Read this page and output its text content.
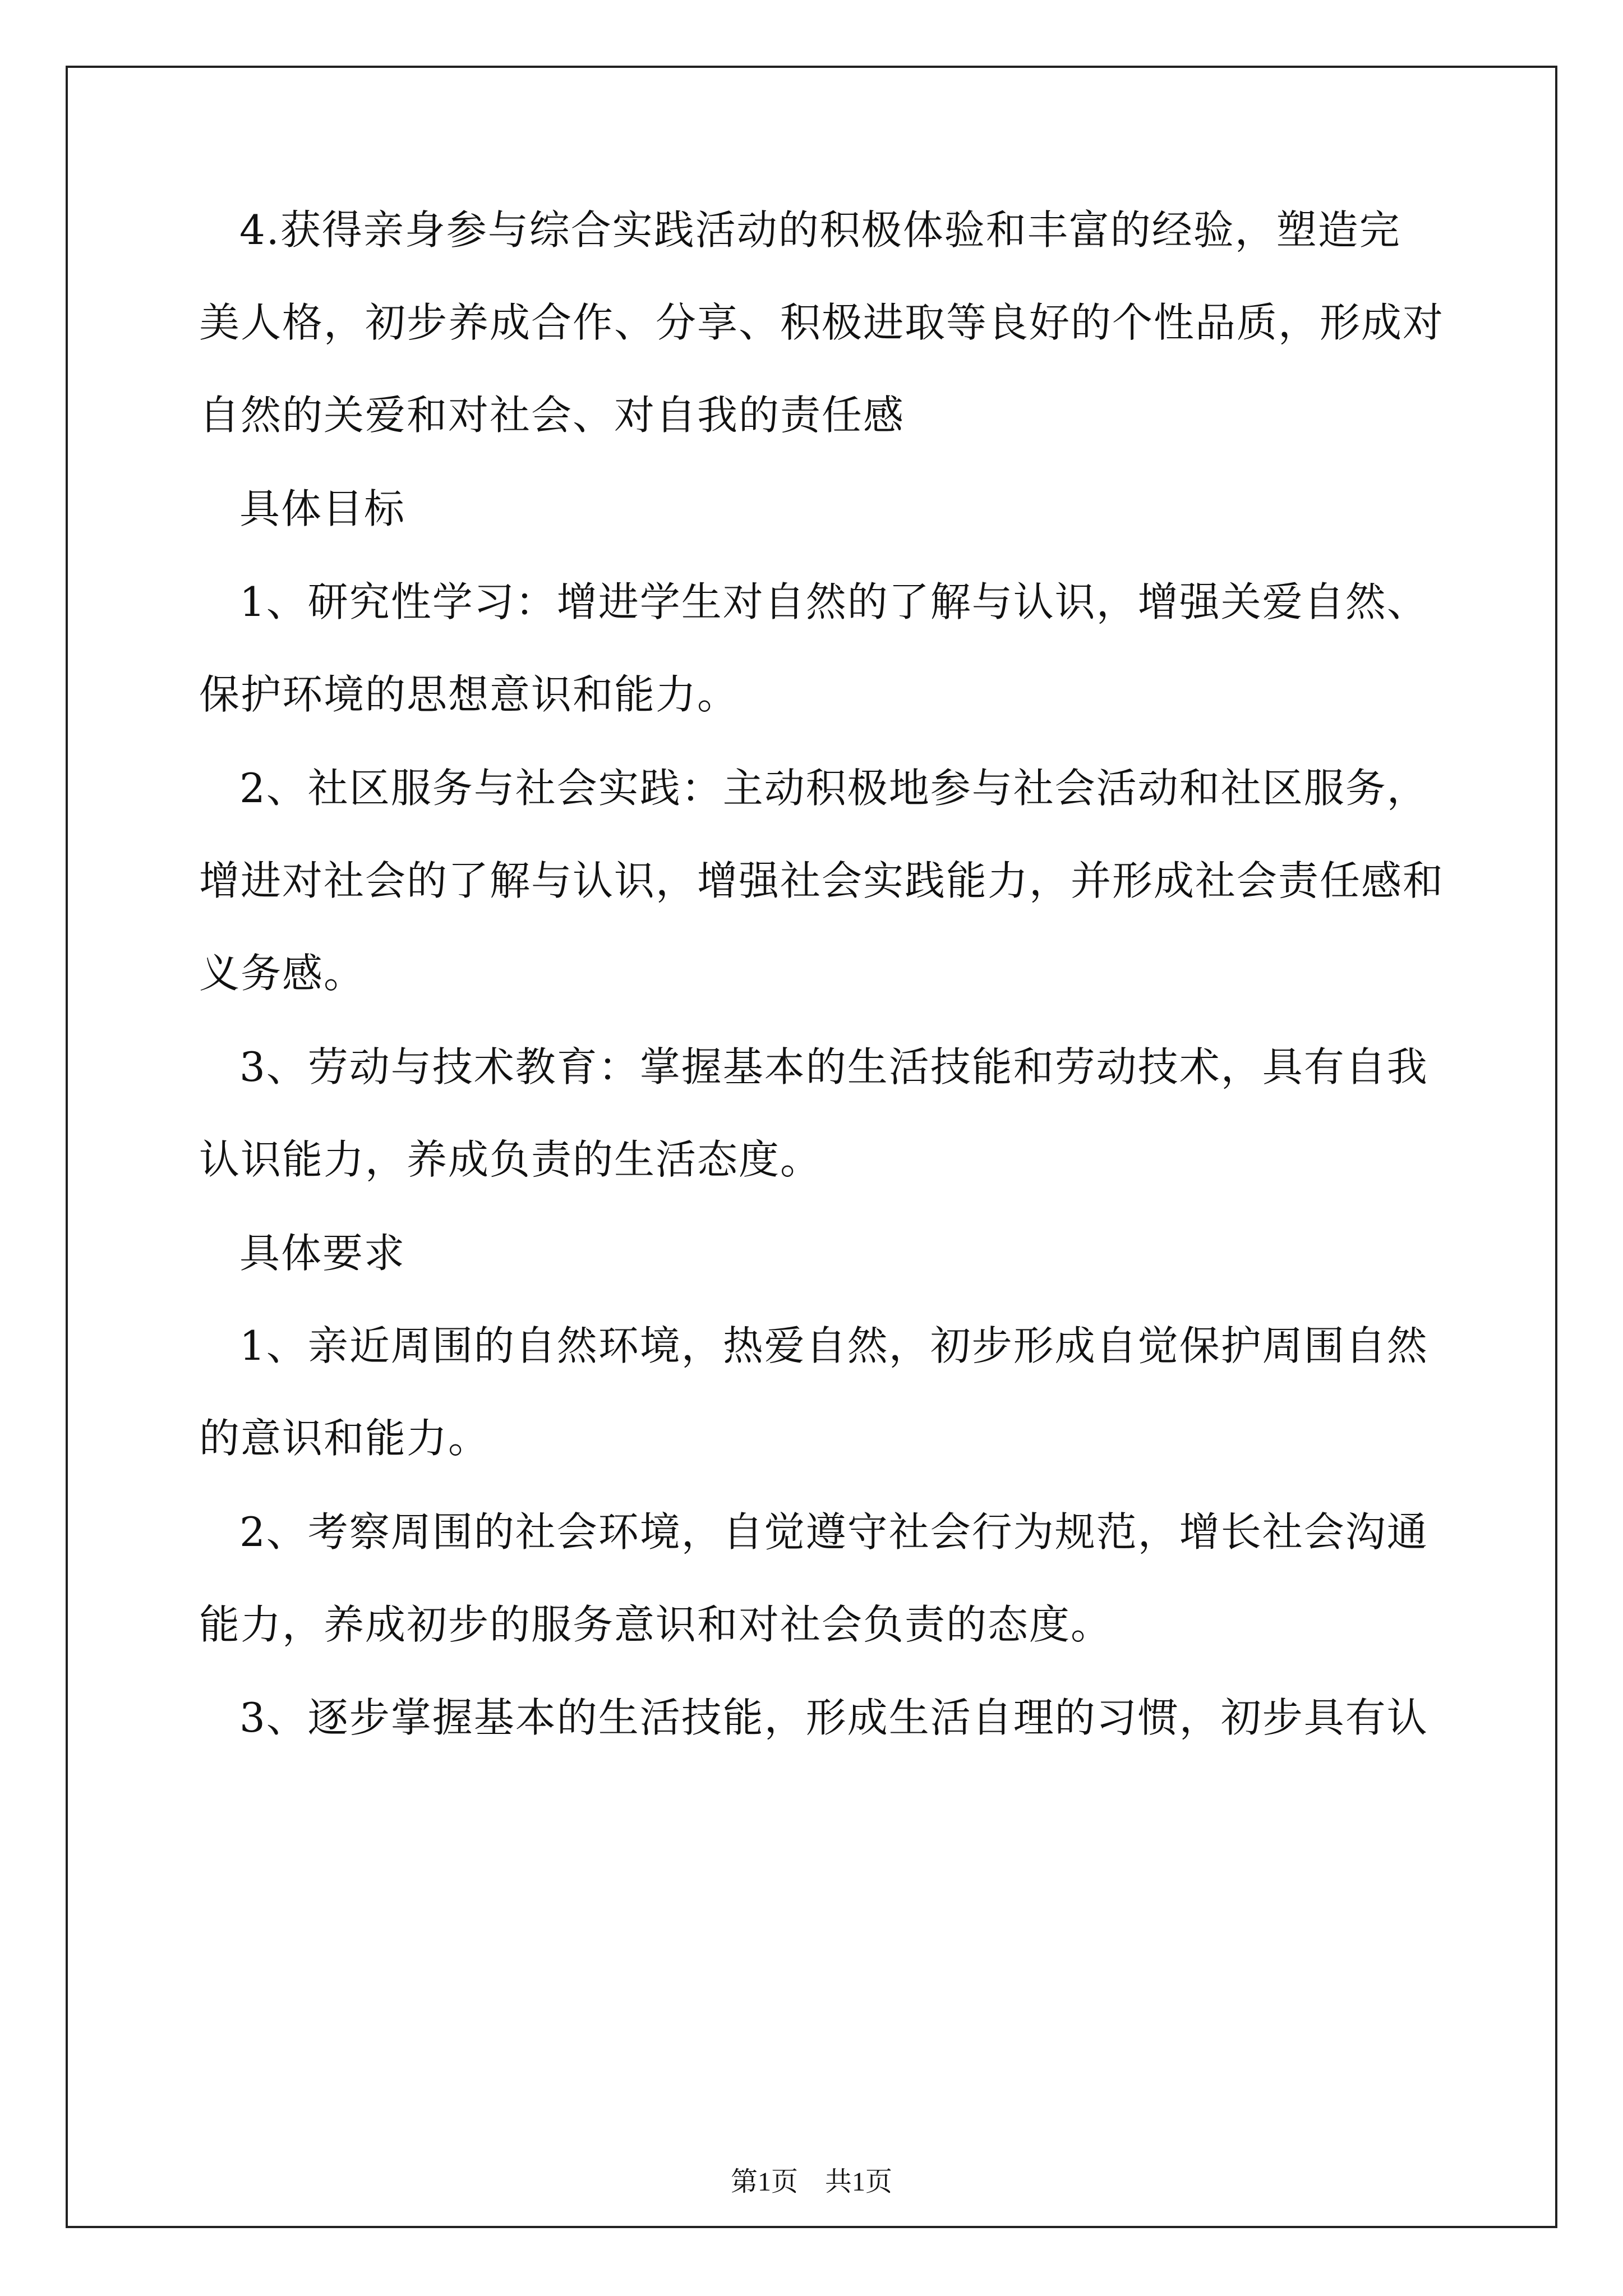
4.获得亲身参与综合实践活动的积极体验和丰富的经验，塑造完
美人格，初步养成合作、分享、积极进取等良好的个性品质，形成对
自然的关爱和对社会、对自我的责任感
具体目标
1、研究性学习：增进学生对自然的了解与认识，增强关爱自然、
保护环境的思想意识和能力。
2、社区服务与社会实践：主动积极地参与社会活动和社区服务，
增进对社会的了解与认识，增强社会实践能力，并形成社会责任感和
义务感。
3、劳动与技术教育：掌握基本的生活技能和劳动技术，具有自我
认识能力，养成负责的生活态度。
具体要求
1、亲近周围的自然环境，热爱自然，初步形成自觉保护周围自然
的意识和能力。
2、考察周围的社会环境，自觉遵守社会行为规范，增长社会沟通
能力，养成初步的服务意识和对社会负责的态度。
3、逐步掌握基本的生活技能，形成生活自理的习惯，初步具有认
第1页　共1页
